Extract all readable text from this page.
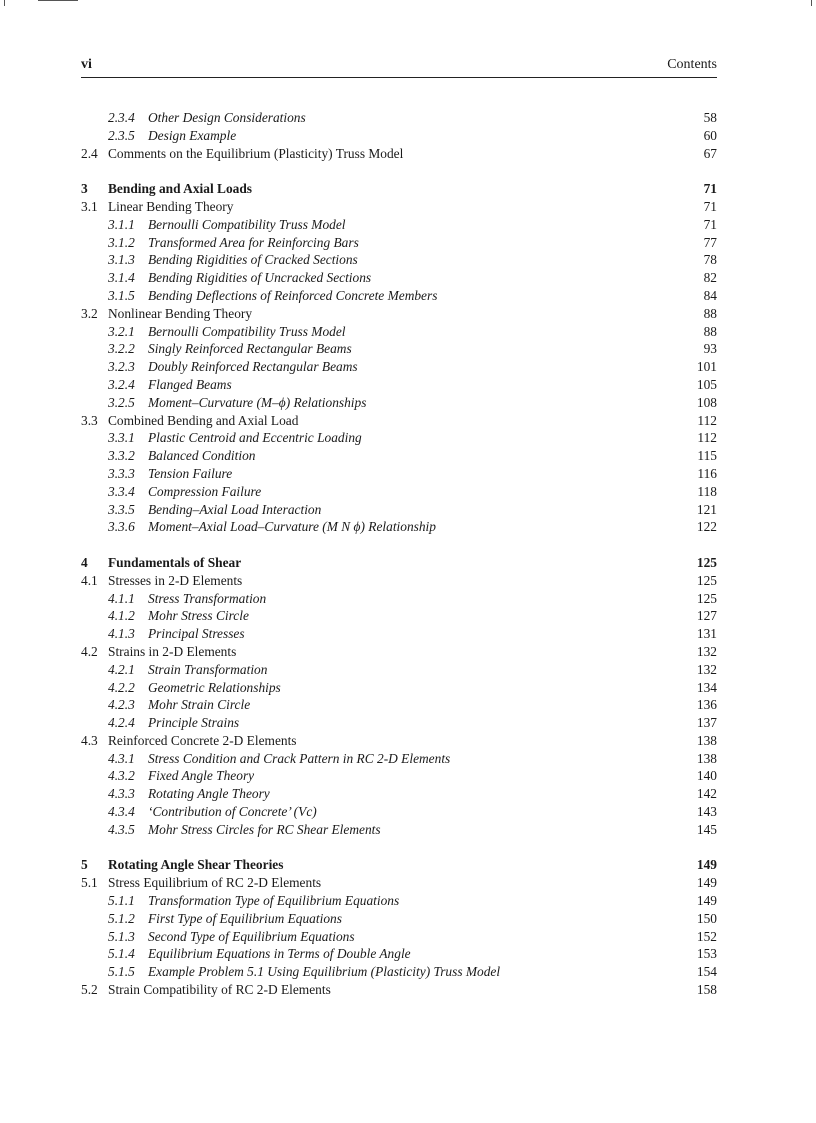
vi	Contents
2.3.4 Other Design Considerations	58
2.3.5 Design Example	60
2.4 Comments on the Equilibrium (Plasticity) Truss Model	67
3 Bending and Axial Loads	71
3.1 Linear Bending Theory	71
3.1.1 Bernoulli Compatibility Truss Model	71
3.1.2 Transformed Area for Reinforcing Bars	77
3.1.3 Bending Rigidities of Cracked Sections	78
3.1.4 Bending Rigidities of Uncracked Sections	82
3.1.5 Bending Deflections of Reinforced Concrete Members	84
3.2 Nonlinear Bending Theory	88
3.2.1 Bernoulli Compatibility Truss Model	88
3.2.2 Singly Reinforced Rectangular Beams	93
3.2.3 Doubly Reinforced Rectangular Beams	101
3.2.4 Flanged Beams	105
3.2.5 Moment–Curvature (M–ϕ) Relationships	108
3.3 Combined Bending and Axial Load	112
3.3.1 Plastic Centroid and Eccentric Loading	112
3.3.2 Balanced Condition	115
3.3.3 Tension Failure	116
3.3.4 Compression Failure	118
3.3.5 Bending–Axial Load Interaction	121
3.3.6 Moment–Axial Load–Curvature (M N ϕ) Relationship	122
4 Fundamentals of Shear	125
4.1 Stresses in 2-D Elements	125
4.1.1 Stress Transformation	125
4.1.2 Mohr Stress Circle	127
4.1.3 Principal Stresses	131
4.2 Strains in 2-D Elements	132
4.2.1 Strain Transformation	132
4.2.2 Geometric Relationships	134
4.2.3 Mohr Strain Circle	136
4.2.4 Principle Strains	137
4.3 Reinforced Concrete 2-D Elements	138
4.3.1 Stress Condition and Crack Pattern in RC 2-D Elements	138
4.3.2 Fixed Angle Theory	140
4.3.3 Rotating Angle Theory	142
4.3.4 ‘Contribution of Concrete’ (Vc)	143
4.3.5 Mohr Stress Circles for RC Shear Elements	145
5 Rotating Angle Shear Theories	149
5.1 Stress Equilibrium of RC 2-D Elements	149
5.1.1 Transformation Type of Equilibrium Equations	149
5.1.2 First Type of Equilibrium Equations	150
5.1.3 Second Type of Equilibrium Equations	152
5.1.4 Equilibrium Equations in Terms of Double Angle	153
5.1.5 Example Problem 5.1 Using Equilibrium (Plasticity) Truss Model	154
5.2 Strain Compatibility of RC 2-D Elements	158
